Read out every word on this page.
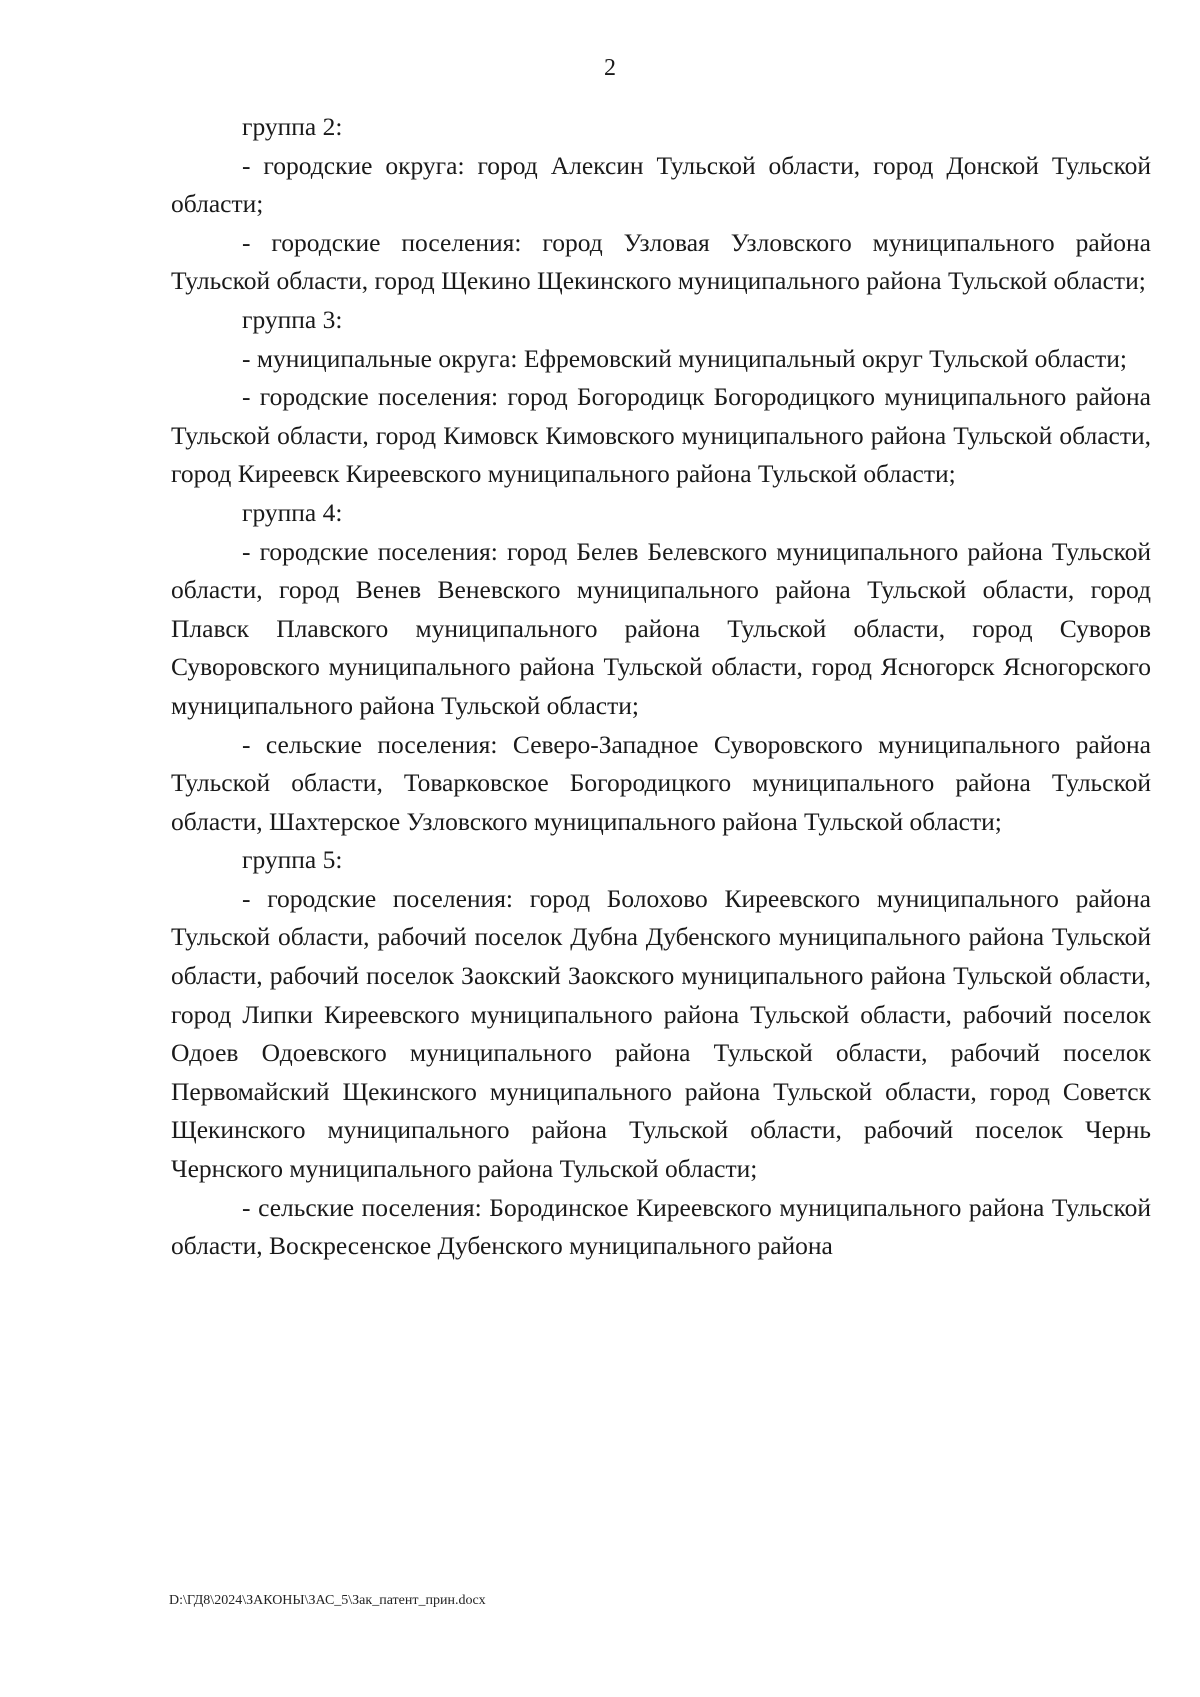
2

группа 2:

- городские округа: город Алексин Тульской области, город Донской Тульской области;

- городские поселения: город Узловая Узловского муниципального района Тульской области, город Щекино Щекинского муниципального района Тульской области;

группа 3:

- муниципальные округа: Ефремовский муниципальный округ Тульской области;

- городские поселения: город Богородицк Богородицкого муниципального района Тульской области, город Кимовск Кимовского муниципального района Тульской области, город Киреевск Киреевского муниципального района Тульской области;

группа 4:

- городские поселения: город Белев Белевского муниципального района Тульской области, город Венев Веневского муниципального района Тульской области, город Плавск Плавского муниципального района Тульской области, город Суворов Суворовского муниципального района Тульской области, город Ясногорск Ясногорского муниципального района Тульской области;

- сельские поселения: Северо-Западное Суворовского муниципального района Тульской области, Товарковское Богородицкого муниципального района Тульской области, Шахтерское Узловского муниципального района Тульской области;

группа 5:

- городские поселения: город Болохово Киреевского муниципального района Тульской области, рабочий поселок Дубна Дубенского муниципального района Тульской области, рабочий поселок Заокский Заокского муниципального района Тульской области, город Липки Киреевского муниципального района Тульской области, рабочий поселок Одоев Одоевского муниципального района Тульской области, рабочий поселок Первомайский Щекинского муниципального района Тульской области, город Советск Щекинского муниципального района Тульской области, рабочий поселок Чернь Чернского муниципального района Тульской области;

- сельские поселения: Бородинское Киреевского муниципального района Тульской области, Воскресенское Дубенского муниципального района

D:\ГД8\2024\ЗАКОНЫ\ЗАС_5\Зак_патент_прин.docx
